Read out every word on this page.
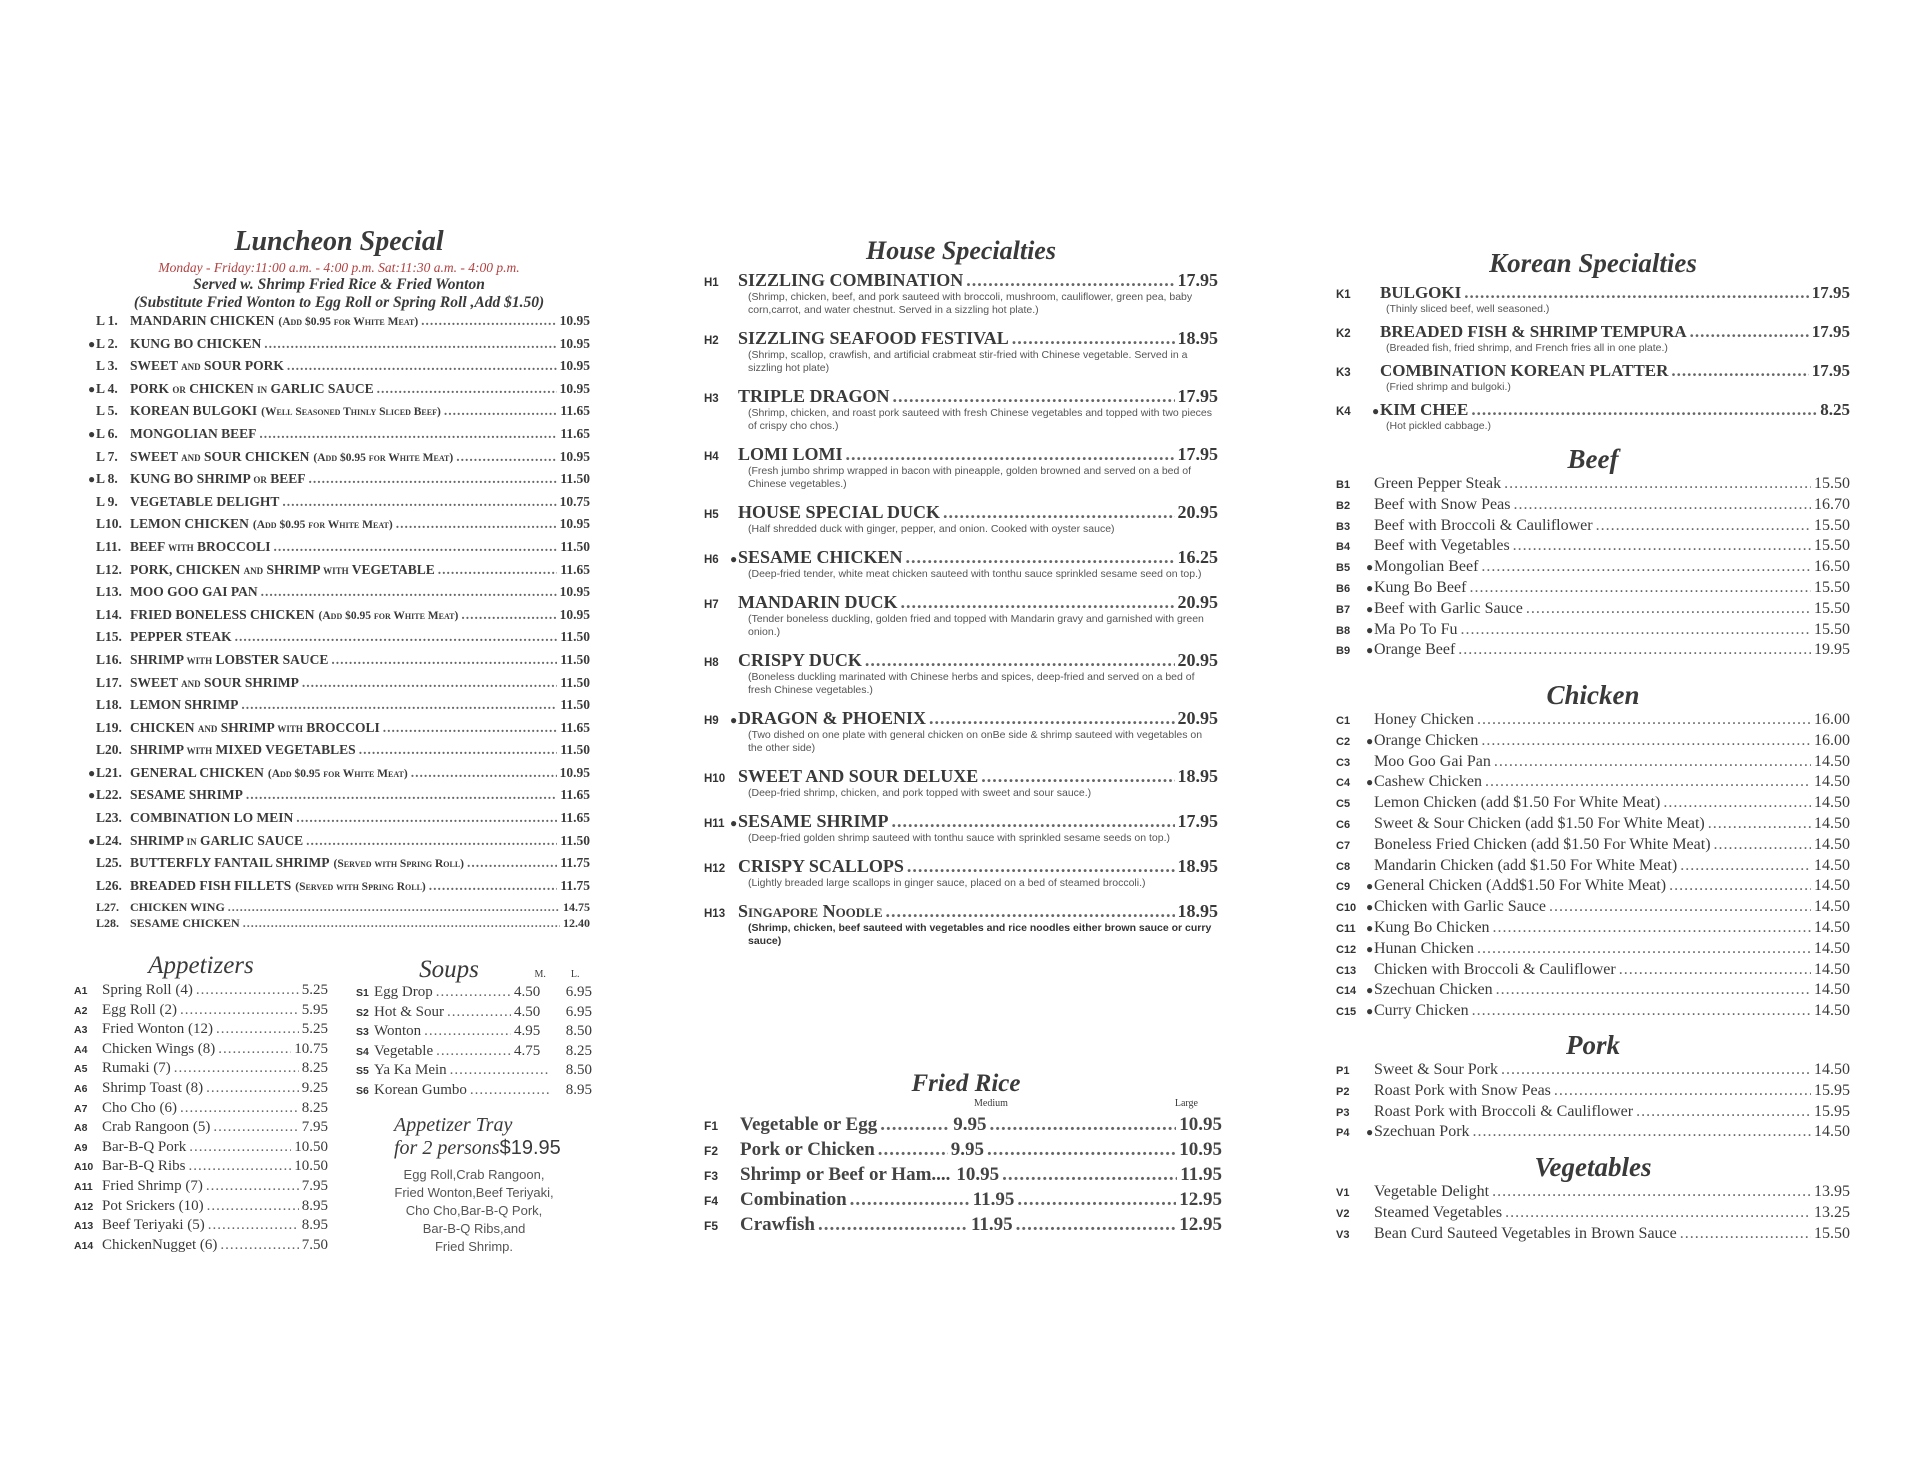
Luncheon Special
Monday - Friday:11:00 a.m. - 4:00 p.m. Sat:11:30 a.m. - 4:00 p.m.
Served w. Shrimp Fried Rice & Fried Wonton
(Substitute Fried Wonton to Egg Roll or Spring Roll ,Add $1.50)
L 1. MANDARIN CHICKEN (Add $0.95 for White Meat) .....	10.95
● L 2. KUNG BO CHICKEN .....	10.95
L 3. SWEET and SOUR PORK .....	10.95
● L 4. PORK or CHICKEN in GARLIC SAUCE .....	10.95
L 5. KOREAN BULGOKI (Well Seasoned Thinly Sliced Beef) .....	11.65
● L 6. MONGOLIAN BEEF .....	11.65
L 7. SWEET and SOUR CHICKEN (Add $0.95 for White Meat) .....	10.95
● L 8. KUNG BO SHRIMP or BEEF .....	11.50
L 9. VEGETABLE DELIGHT .....	10.75
L10. LEMON CHICKEN (Add $0.95 for White Meat) .....	10.95
L11. BEEF with BROCCOLI .....	11.50
L12. PORK, CHICKEN and SHRIMP with VEGETABLE .....	11.65
L13. MOO GOO GAI PAN .....	10.95
L14. FRIED BONELESS CHICKEN (Add $0.95 for White Meat) .....	10.95
L15. PEPPER STEAK .....	11.50
L16. SHRIMP with LOBSTER SAUCE .....	11.50
L17. SWEET and SOUR SHRIMP .....	11.50
L18. LEMON SHRIMP .....	11.50
L19. CHICKEN and SHRIMP with BROCCOLI .....	11.65
L20. SHRIMP with MIXED VEGETABLES .....	11.50
● L21. GENERAL CHICKEN (Add $0.95 for White Meat) .....	10.95
● L22. SESAME SHRIMP .....	11.65
L23. COMBINATION LO MEIN .....	11.65
● L24. SHRIMP in GARLIC SAUCE .....	11.50
L25. BUTTERFLY FANTAIL SHRIMP (Served with Spring Roll) .....	11.75
L26. BREADED FISH FILLETS (Served with Spring Roll) .....	11.75
L27. CHICKEN WING .....	14.75
L28. SESAME CHICKEN .....	12.40
Appetizers
A1 Spring Roll (4) .....	5.25
A2 Egg Roll (2) .....	5.95
A3 Fried Wonton (12) .....	5.25
A4 Chicken Wings (8) .....	10.75
A5 Rumaki (7) .....	8.25
A6 Shrimp Toast (8) .....	9.25
A7 Cho Cho (6) .....	8.25
A8 Crab Rangoon (5) .....	7.95
A9 Bar-B-Q Pork .....	10.50
A10 Bar-B-Q Ribs .....	10.50
A11 Fried Shrimp (7) .....	7.95
A12 Pot Srickers (10) .....	8.95
A13 Beef Teriyaki (5) .....	8.95
A14 ChickenNugget (6) .....	7.50
Soups	M. L.
S1 Egg Drop .....	4.50	6.95
S2 Hot & Sour .....	4.50	6.95
S3 Wonton .....	4.95	8.50
S4 Vegetable .....	4.75	8.25
S5 Ya Ka Mein .....	8.50
S6 Korean Gumbo .....	8.95
Appetizer Tray
for 2 persons$19.95
Egg Roll,Crab Rangoon,
Fried Wonton,Beef Teriyaki,
Cho Cho,Bar-B-Q Pork,
Bar-B-Q Ribs,and
Fried Shrimp.
House Specialties
H1	SIZZLING COMBINATION .....	17.95
(Shrimp, chicken, beef, and pork sauteed with broccoli, mushroom, cauliflower, green pea, baby corn,carrot, and water chestnut. Served in a sizzling hot plate.)
H2	SIZZLING SEAFOOD FESTIVAL .....	18.95
(Shrimp, scallop, crawfish, and artificial crabmeat stir-fried with Chinese vegetable. Served in a sizzling hot plate)
H3	TRIPLE DRAGON .....	17.95
(Shrimp, chicken, and roast pork sauteed with fresh Chinese vegetables and topped with two pieces of crispy cho chos.)
H4	LOMI LOMI .....	17.95
(Fresh jumbo shrimp wrapped in bacon with pineapple, golden browned and served on a bed of Chinese vegetables.)
H5	HOUSE SPECIAL DUCK .....	20.95
(Half shredded duck with ginger, pepper, and onion. Cooked with oyster sauce)
H6 ● SESAME CHICKEN .....	16.25
(Deep-fried tender, white meat chicken sauteed with tonthu sauce sprinkled sesame seed on top.)
H7	MANDARIN DUCK .....	20.95
(Tender boneless duckling, golden fried and topped with Mandarin gravy and garnished with green onion.)
H8	CRISPY DUCK .....	20.95
(Boneless duckling marinated with Chinese herbs and spices, deep-fried and served on a bed of fresh Chinese vegetables.)
H9 ● DRAGON & PHOENIX .....	20.95
(Two dished on one plate with general chicken on onBe side & shrimp sauteed with vegetables on the other side)
H10 SWEET AND SOUR DELUXE .....	18.95
(Deep-fried shrimp, chicken, and pork topped with sweet and sour sauce.)
H11 ● SESAME SHRIMP .....	17.95
(Deep-fried golden shrimp sauteed with tonthu sauce with sprinkled sesame seeds on top.)
H12 CRISPY SCALLOPS .....	18.95
(Lightly breaded large scallops in ginger sauce, placed on a bed of steamed broccoli.)
H13 Singapore Noodle .....	18.95
(Shrimp, chicken, beef sauteed with vegetables and rice noodles either brown sauce or curry sauce)
Fried Rice
Medium	Large
F1	Vegetable or Egg .....	9.95 .....	10.95
F2	Pork or Chicken .....	9.95 .....	10.95
F3	Shrimp or Beef or Ham.... 10.95 .....	11.95
F4	Combination .....	11.95 .....	12.95
F5	Crawfish .....	11.95 .....	12.95
Korean Specialties
K1	BULGOKI .....	17.95
(Thinly sliced beef, well seasoned.)
K2	BREADED FISH & SHRIMP TEMPURA .....	17.95
(Breaded fish, fried shrimp, and French fries all in one plate.)
K3	COMBINATION KOREAN PLATTER .....	17.95
(Fried shrimp and bulgoki.)
K4	● KIM CHEE .....	8.25
(Hot pickled cabbage.)
Beef
B1	Green Pepper Steak .....	15.50
B2	Beef with Snow Peas .....	16.70
B3	Beef with Broccoli & Cauliflower .....	15.50
B4	Beef with Vegetables .....	15.50
B5	● Mongolian Beef .....	16.50
B6	● Kung Bo Beef .....	15.50
B7	● Beef with Garlic Sauce .....	15.50
B8	● Ma Po To Fu .....	15.50
B9	● Orange Beef .....	19.95
Chicken
C1	Honey Chicken .....	16.00
C2	● Orange Chicken .....	16.00
C3	Moo Goo Gai Pan .....	14.50
C4	● Cashew Chicken .....	14.50
C5	Lemon Chicken (add $1.50 For White Meat) .....	14.50
C6	Sweet & Sour Chicken (add $1.50 For White Meat) .....	14.50
C7	Boneless Fried Chicken (add $1.50 For White Meat) .....	14.50
C8	Mandarin Chicken (add $1.50 For White Meat) .....	14.50
C9	● General Chicken (Add$1.50 For White Meat) .....	14.50
C10 ● Chicken with Garlic Sauce .....	14.50
C11 ● Kung Bo Chicken .....	14.50
C12 ● Hunan Chicken .....	14.50
C13	Chicken with Broccoli & Cauliflower .....	14.50
C14 ● Szechuan Chicken .....	14.50
C15 ● Curry Chicken .....	14.50
Pork
P1	Sweet & Sour Pork .....	14.50
P2	Roast Pork with Snow Peas .....	15.95
P3	Roast Pork with Broccoli & Cauliflower .....	15.95
P4	● Szechuan Pork .....	14.50
Vegetables
V1	Vegetable Delight .....	13.95
V2	Steamed Vegetables .....	13.25
V3	Bean Curd Sauteed Vegetables in Brown Sauce .....	15.50
